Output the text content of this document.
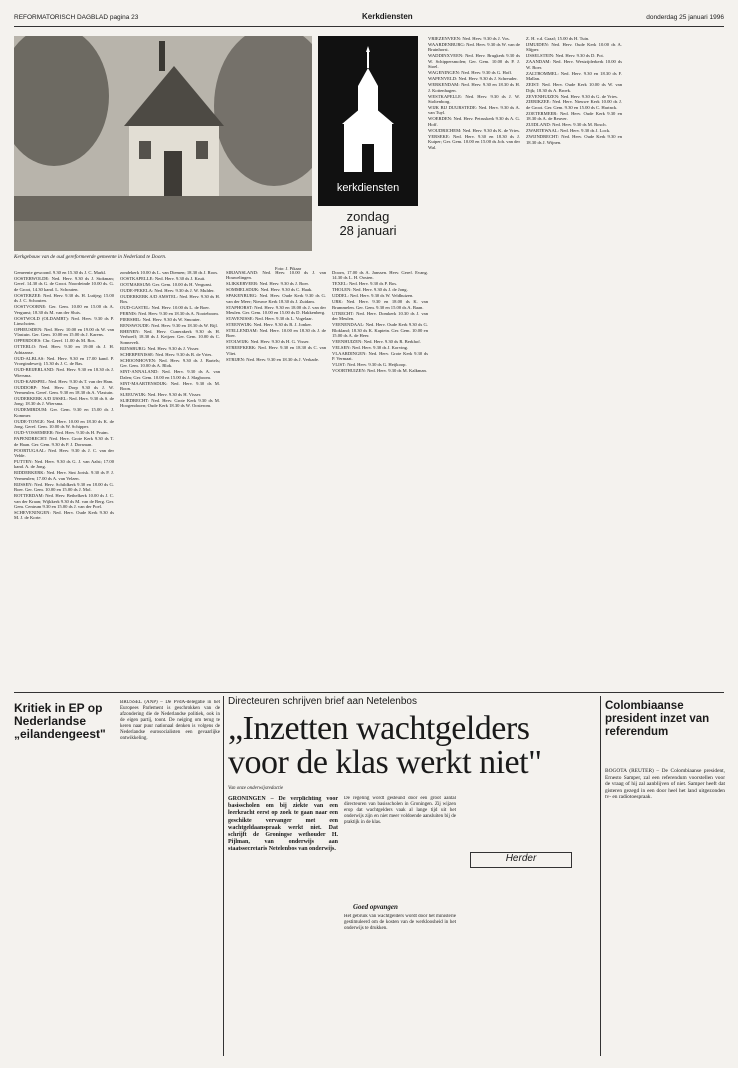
REFORMATORISCH DAGBLAD pagina 23	Kerkdiensten	donderdag 25 januari 1996
Kerkgebouw van de oud gereformeerde gemeente in Nederland te Doorn.
Foto: J. Pikaar
kerkdiensten
zondag
28 januari

Gemeente gewoond. 9.30 en 15.30 ds J. C. Markl.

OOSTERWOLDE: Ned. Herv. 9.30 ds J. Stokman; Geref. 14.30 ds G. de Groot. Noordeinde 10.00 ds. G. de Groot, 14.30 kand. L. Schouten.

OOSTERZEE: Ned. Herv. 9.30 ds. H. Luttjeg; 15.00 ds J. C. Schouten.

OOSTVOORNE: Ger. Gem. 10.00 en 15.00 ds A. Vergunst; 18.30 ds M. van der Sluis.

OOSTWOLD (OLDAMBT): Ned. Herv. 9.30 ds P. Linschoten.

OPHEUSDEN: Ned. Herv. 10.00 en 19.00 ds W. van Vlastuin. Ger. Gem. 10.00 en 15.00 ds J. Karens.

OPPERDOES: Chr. Geref. 11.00 ds M. Ros.

OTTERLO: Ned. Herv. 9.30 en 19.00 ds J. H. Adriaanse.

OUD-ALBLAS: Ned. Herv. 9.30 en 17.00 kand. P. Vroegindeweij; 15.30 ds J. C. de Bas.

OUD-BEIJERLAND: Ned. Herv. 9.30 en 18.30 ds J. Wiersma.

OUD-KARSPEL: Ned. Herv. 9.30 ds T. van der Ham.

OUDDORP: Ned. Herv. Dorp 9.30 ds J. W. Vermeulen. Geref. Gem. 9.30 en 18.30 ds A. Vlastuin.

OUDERKERK A/D IJSSEL: Ned. Herv. 9.30 ds S. de Jong; 18.30 ds J. Wiersma.

OUDEMIRDUM: Ger. Gem. 9.30 en 15.00 ds J. Kommer.

OUDE-TONGE: Ned. Herv. 10.00 en 18.30 ds K. de Jong. Geref. Gem. 10.00 ds W. Schipper.

OUD-VOSSEMEER: Ned. Herv. 9.30 ds H. Pruim.

PAPENDRECHT: Ned. Herv. Grote Kerk 9.30 ds T. de Haan. Ger. Gem. 9.30 ds P. J. Dorsman.

POORTUGAAL: Ned. Herv. 9.30 ds J. C. van der Velde.

PUTTEN: Ned. Herv. 9.30 ds G. J. van Aalst; 17.00 kand. A. de Jong.

RIDDERKERK: Ned. Herv. Sint Jorisk. 9.30 ds P. J. Vermeulen; 17.00 ds A. van Velzen.

RIJSSEN: Ned. Herv. Schildkerk 9.30 en 18.00 ds G. Boer. Ger. Gem. 10.00 en 15.00 ds J. Mol.

ROTTERDAM: Ned. Herv. Bethelkerk 10.00 ds J. C. van der Kraan; Wijkkerk 9.30 ds M. van de Berg. Ger. Gem. Centrum 9.30 en 15.00 ds J. van der Poel.

SCHEVENINGEN: Ned. Herv. Oude Kerk 9.30 ds M. J. de Korte.

zondekerk 10.00 ds L. van Diemen; 18.30 ds J. Roos.

OOSTKAPELLE: Ned. Herv. 9.30 ds J. Kruit.

OOTMARSUM: Ger. Gem. 10.00 ds H. Vergunst.

OUDE-PEKELA: Ned. Herv. 9.30 ds J. W. Mulder.

OUDERKERK A/D AMSTEL: Ned. Herv. 9.30 ds H. Bos.

OUD-GASTEL: Ned. Herv. 10.00 ds L. de Boer.

PERNIS: Ned. Herv. 9.30 en 18.30 ds A. Nooteboom.

PIERSHIL: Ned. Herv. 9.30 ds W. Smouter.

RENSWOUDE: Ned. Herv. 9.30 en 18.30 ds W. Bijl.

RHENEN: Ned. Herv. Cunerakerk 9.30 ds H. Verhoeff; 18.30 ds J. Keijzer. Ger. Gem. 10.00 ds C. Sonnevelt.

RIJNSBURG: Ned. Herv. 9.30 ds J. Visser.

SCHERPENISSE: Ned. Herv. 9.30 ds B. de Vries.

SCHOONHOVEN: Ned. Herv. 9.30 ds J. Bartels; Ger. Gem. 10.00 ds A. Blok.

SINT-ANNALAND: Ned. Herv. 9.30 ds A. van Dalen; Ger. Gem. 10.00 en 15.00 ds J. Slagboom.

SINT-MAARTENSDIJK: Ned. Herv. 9.30 ds M. Boon.

SLEEUWIJK: Ned. Herv. 9.30 ds H. Visser.

SLIEDRECHT: Ned. Herv. Grote Kerk 9.30 ds M. Hoogendoorn; Oude Kerk 18.30 ds W. Oosterom.

SIRJANSLAND: Ned. Herv. 10.00 ds J. van Houwelingen.

SLIKKERVEER: Ned. Herv. 9.30 ds J. Boer.

SOMMELSDIJK: Ned. Herv. 9.30 ds C. Haak.

SPAKENBURG: Ned. Herv. Oude Kerk 9.30 ds G. van der Meer; Nieuwe Kerk 18.30 ds J. Zuidam.

STAPHORST: Ned. Herv. 9.30 en 18.00 ds J. van der Meulen. Ger. Gem. 10.00 en 15.00 ds D. Hakkenberg.

STAVENISSE: Ned. Herv. 9.30 ds L. Vogelaar.

STEENWIJK: Ned. Herv. 9.30 ds B. J. Jonker.

STELLENDAM: Ned. Herv. 10.00 en 18.30 ds J. de Boer.

STOLWIJK: Ned. Herv. 9.30 ds H. G. Visser.

STREEFKERK: Ned. Herv. 9.30 en 18.30 ds C. van Vliet.

STRIJEN: Ned. Herv. 9.30 en 18.30 ds J. Verkade.

Doorn, 17.00 ds A. Janssen. Herv. Geref. Evang. 14.30 ds L. H. Oosten.

TEXEL: Ned. Herv. 9.30 ds P. Bos.

THOLEN: Ned. Herv. 9.30 ds J. de Jong.

UDDEL: Ned. Herv. 9.30 ds W. Veldhuizen.

URK: Ned. Herv. 9.30 en 18.00 ds K. van Brummelen. Ger. Gem. 9.30 en 15.00 ds A. Baan.

UTRECHT: Ned. Herv. Domkerk 10.30 ds J. van der Meulen.

VEENENDAAL: Ned. Herv. Oude Kerk 9.30 ds G. Blokland; 18.30 ds K. Kaptein. Ger. Gem. 10.00 en 15.00 ds A. de Heer.

VEENHUIZEN: Ned. Herv. 9.30 ds R. Berkhof.

VELSEN: Ned. Herv. 9.30 ds J. Korving.

VLAARDINGEN: Ned. Herv. Grote Kerk 9.30 ds P. Vermaat.

VLIST: Ned. Herv. 9.30 ds G. Heijkoop.

VOORTHUIZEN: Ned. Herv. 9.30 ds M. Kalkman.

VRIEZENVEEN: Ned. Herv. 9.30 ds J. Vos.

WAARDENBURG: Ned. Herv. 9.30 ds W. van de Bruinhorst.

WADDINXVEEN: Ned. Herv. Brugkerk 9.30 ds W. Schippersmolen; Ger. Gem. 10.00 ds P. J. Stoel.

WAGENINGEN: Ned. Herv. 9.30 ds G. Hoff.

WAPENVELD: Ned. Herv. 9.30 ds J. Schreuder.

WERKENDAM: Ned. Herv. 9.30 en 18.30 ds H. J. Kottenhagen.

WESTKAPELLE: Ned. Herv. 9.30 ds J. W. Stoltenborg.

WIJK BIJ DUURSTEDE: Ned. Herv. 9.30 ds A. van Tuyl.

WOERDEN: Ned. Herv. Petruskerk 9.30 ds A. G. Hoff.

WOUDRICHEM: Ned. Herv. 9.30 ds K. de Vries.

YERSEKE: Ned. Herv. 9.30 en 18.30 ds J. Kuiper; Ger. Gem. 10.00 en 15.00 ds Joh. van der Wal.

Z. H. v.d. Graaf; 15.00 ds H. Tuin.

IJMUIDEN: Ned. Herv. Oude Kerk 10.00 ds A. Slijper.

IJSSELSTEIN: Ned. Herv. 9.30 ds D. Pot.

ZAANDAM: Ned. Herv. Westzijderkerk 10.00 ds W. Boer.

ZALTBOMMEL: Ned. Herv. 9.30 en 18.30 ds F. Mallan.

ZEIST: Ned. Herv. Oude Kerk 10.00 ds W. van Dijk; 18.30 ds A. Broek.

ZEVENHUIZEN: Ned. Herv. 9.30 ds G. de Vries.

ZIERIKZEE: Ned. Herv. Nieuwe Kerk 10.00 ds J. de Groot. Ger. Gem. 9.30 en 15.00 ds C. Harinck.

ZOETERMEER: Ned. Herv. Oude Kerk 9.30 en 18.30 ds A. de Reuver.

ZUIDLAND: Ned. Herv. 9.30 ds M. Bosch.

ZWARTEWAAL: Ned. Herv. 9.30 ds J. Lock.

ZWIJNDRECHT: Ned. Herv. Oude Kerk 9.30 en 18.30 ds J. Wijnen.

Kritiek in EP op Nederlandse „eilandengeest"

BRUSSEL (ANP) – De PvdA-delegatie in het Europees Parlement is geschrokken van de afzondering die de Nederlandse politiek, ook in de eigen partij, toont. De neiging om terug te keren naar puur nationaal denken is volgens de Nederlandse eurosocialisten een gevaarlijke ontwikkeling.

Directeuren schrijven brief aan Netelenbos
„Inzetten wachtgelders voor de klas werkt niet"
Van onze onderwijsredactie

GRONINGEN – De verplichting voor basisscholen om bij ziekte van een leerkracht eerst op zoek te gaan naar een geschikte vervanger met een wachtgeldaanspraak werkt niet. Dat schrijft de Groningse wethouder H. Pijlman, van onderwijs aan staatssecretaris Netelenbos van onderwijs.

De regeling wordt gesteund door een groot aantal directeuren van basisscholen in Groningen. Zij wijzen erop dat wachtgelders vaak al lange tijd uit het onderwijs zijn en niet meer voldoende aansluiten bij de praktijk in de klas.

Goed opvangen

Het gebruik van wachtgelders wordt door het ministerie gestimuleerd om de kosten van de werkloosheid in het onderwijs te drukken.

Herder
Colombiaanse president inzet van referendum

BOGOTA (REUTER) – De Colombiaanse president, Ernesto Samper, zal een referendum voorstellen voor de vraag of hij zal aanblijven of niet. Samper heeft dat gisteren gezegd in een door heel het land uitgezonden tv- en radiotoespraak.
